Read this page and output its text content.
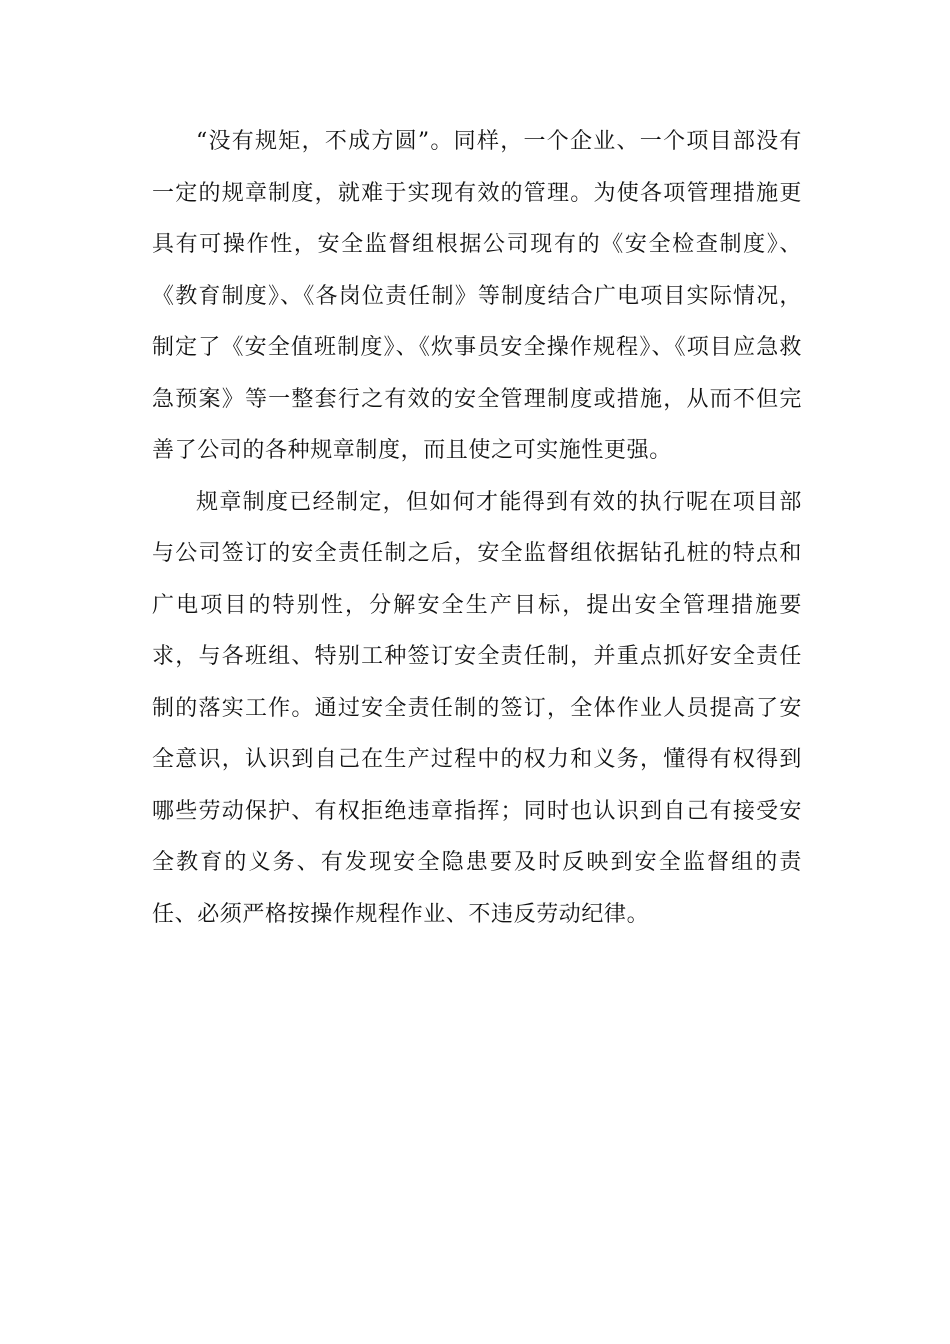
“没有规矩，不成方圆”。同样，一个企业、一个项目部没有一定的规章制度，就难于实现有效的管理。为使各项管理措施更具有可操作性，安全监督组根据公司现有的《安全检查制度》、《教育制度》、《各岗位责任制》等制度结合广电项目实际情况，制定了《安全值班制度》、《炊事员安全操作规程》、《项目应急救急预案》等一整套行之有效的安全管理制度或措施，从而不但完善了公司的各种规章制度，而且使之可实施性更强。

规章制度已经制定，但如何才能得到有效的执行呢在项目部与公司签订的安全责任制之后，安全监督组依据钻孔桩的特点和广电项目的特别性，分解安全生产目标，提出安全管理措施要求，与各班组、特别工种签订安全责任制，并重点抓好安全责任制的落实工作。通过安全责任制的签订，全体作业人员提高了安全意识，认识到自己在生产过程中的权力和义务，懂得有权得到哪些劳动保护、有权拒绝违章指挥；同时也认识到自己有接受安全教育的义务、有发现安全隐患要及时反映到安全监督组的责任、必须严格按操作规程作业、不违反劳动纪律。
